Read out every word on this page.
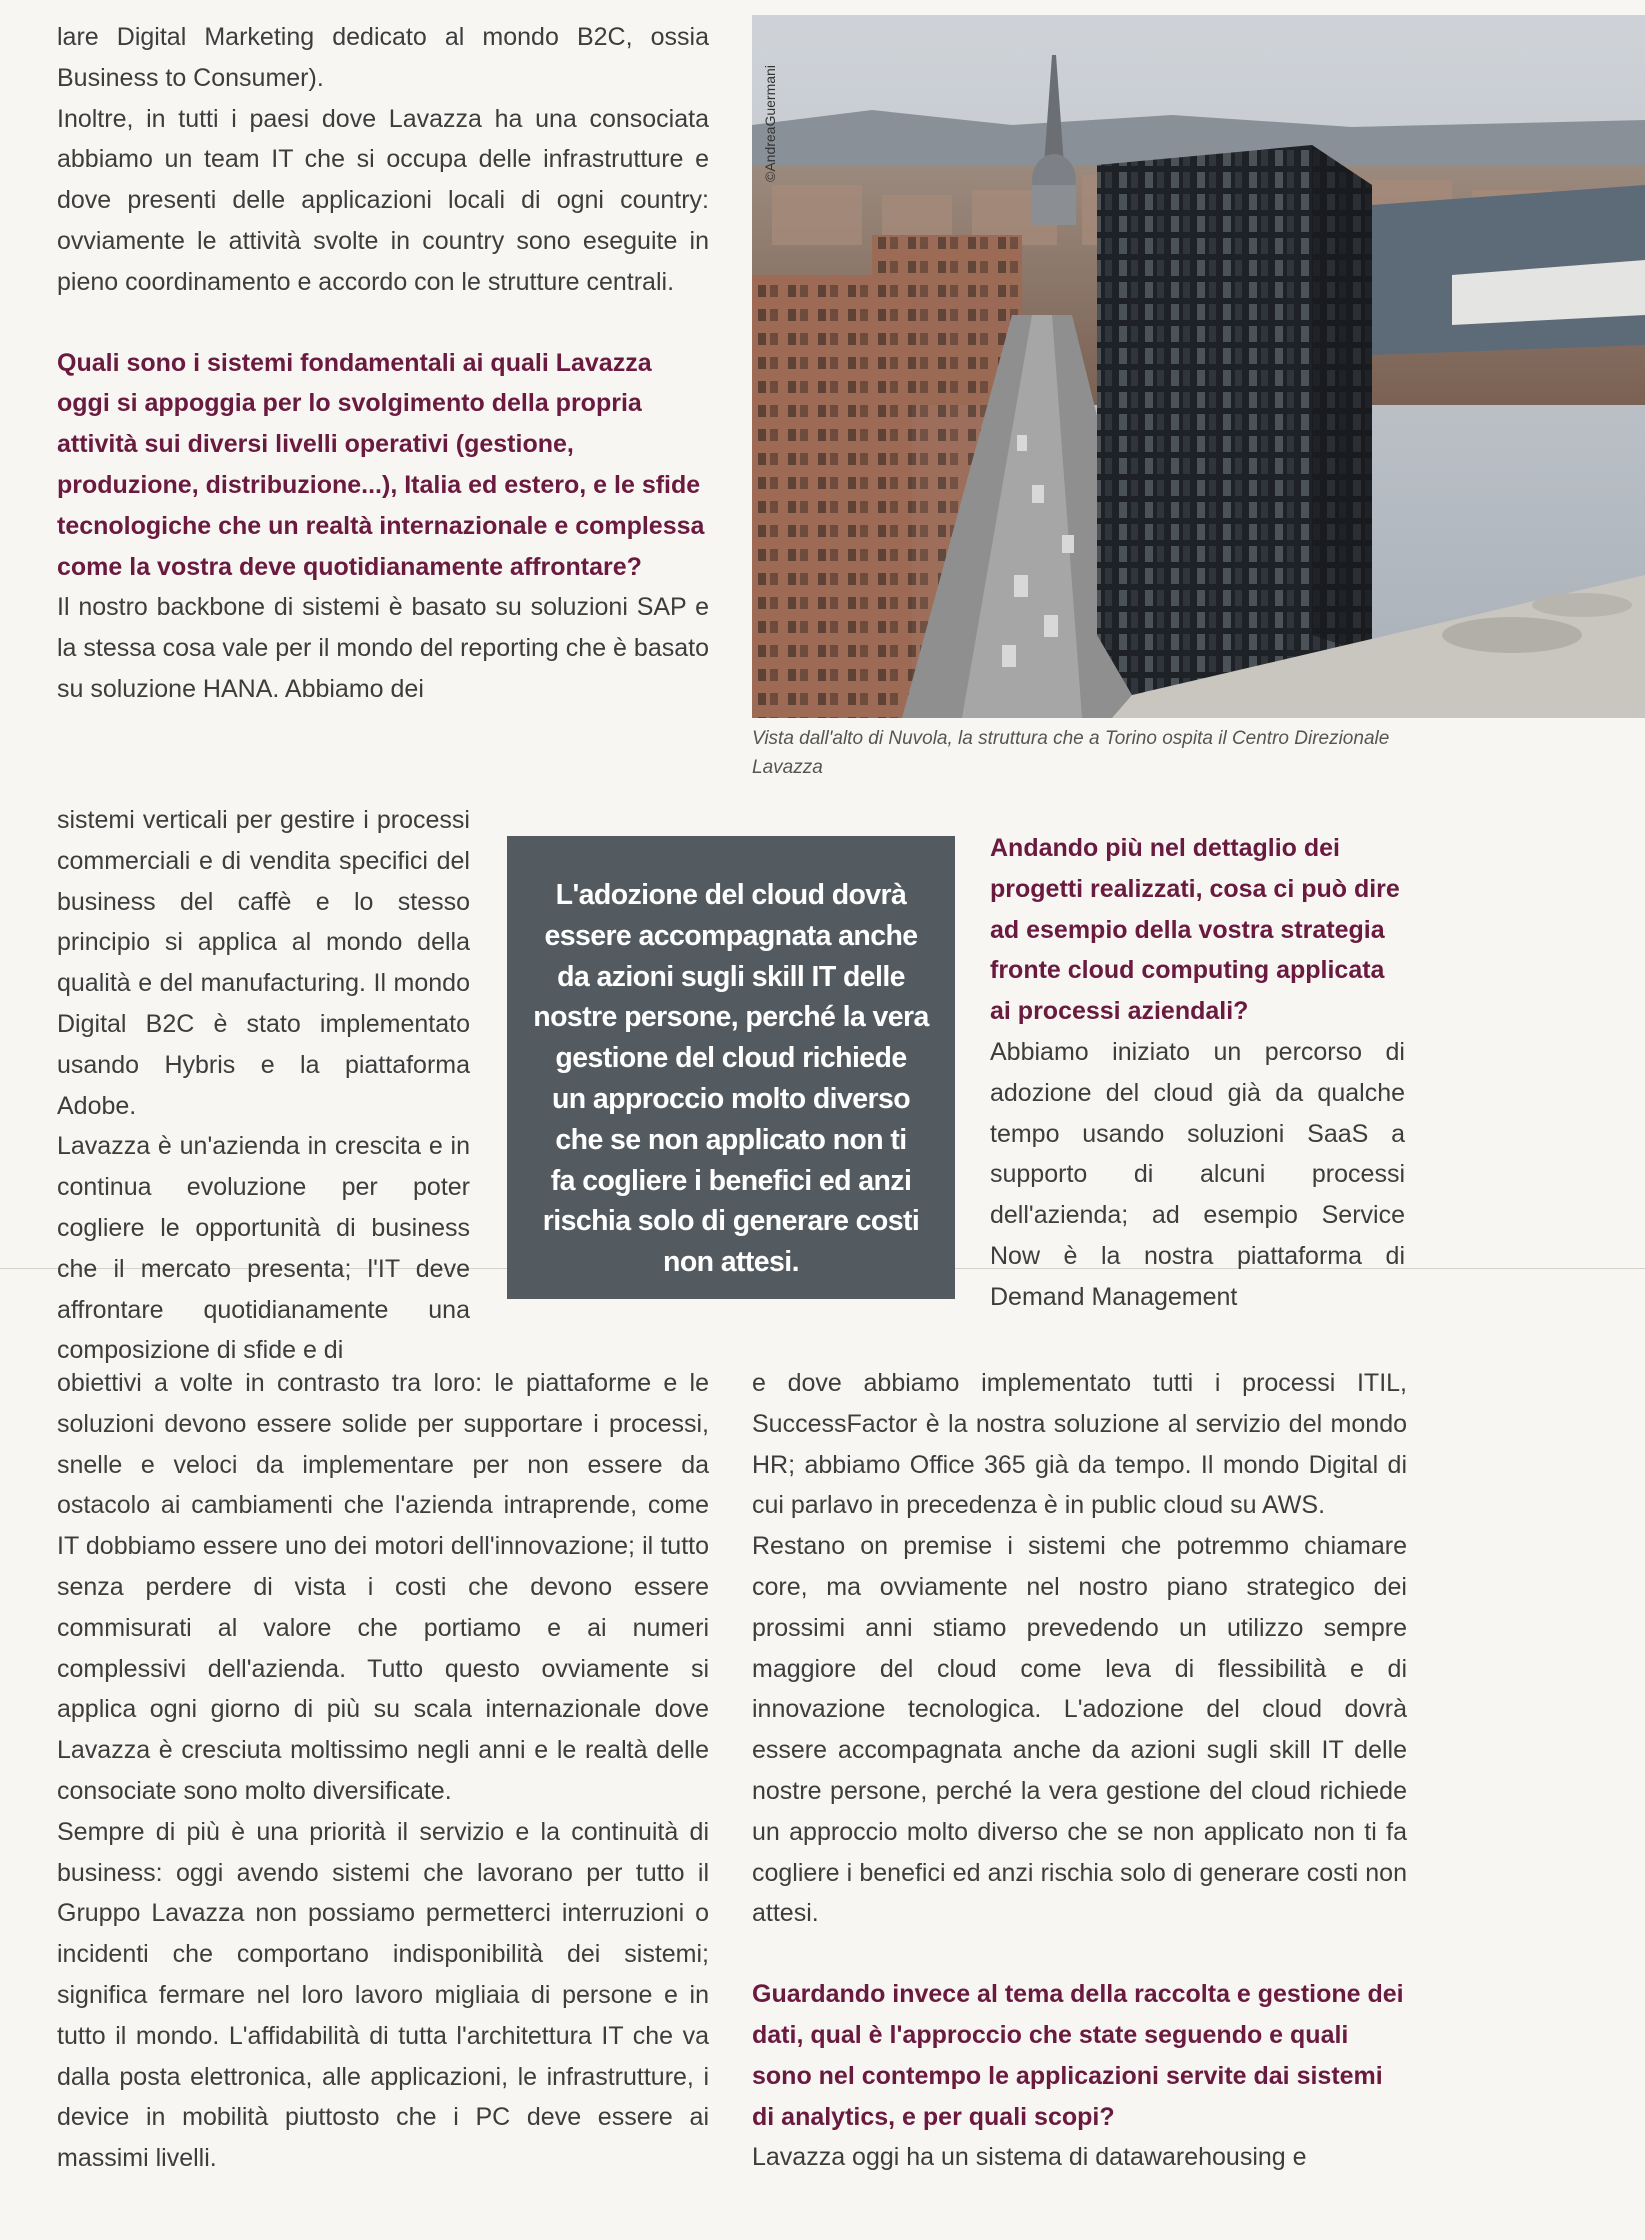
lare Digital Marketing dedicato al mondo B2C, ossia Business to Consumer).

Inoltre, in tutti i paesi dove Lavazza ha una consociata abbiamo un team IT che si occupa delle infrastrutture e dove presenti delle applicazioni locali di ogni country: ovviamente le attività svolte in country sono eseguite in pieno coordinamento e accordo con le strutture centrali.

Quali sono i sistemi fondamentali ai quali Lavazza oggi si appoggia per lo svolgimento della propria attività sui diversi livelli operativi (gestione, produzione, distribuzione...), Italia ed estero, e le sfide tecnologiche che un realtà internazionale e complessa come la vostra deve quotidianamente affrontare?

Il nostro backbone di sistemi è basato su soluzioni SAP e la stessa cosa vale per il mondo del reporting che è basato su soluzione HANA. Abbiamo dei

©AndreaGuermani
Vista dall'alto di Nuvola, la struttura che a Torino ospita il Centro Direzionale Lavazza

sistemi verticali per gestire i processi commerciali e di vendita specifici del business del caffè e lo stesso principio si applica al mondo della qualità e del manufacturing. Il mondo Digital B2C è stato implementato usando Hybris e la piattaforma Adobe.

Lavazza è un'azienda in crescita e in continua evoluzione per poter cogliere le opportunità di business che il mercato presenta; l'IT deve affrontare quotidianamente una composizione di sfide e di

L'adozione del cloud dovrà
essere accompagnata anche
da azioni sugli skill IT delle
nostre persone, perché la vera
gestione del cloud richiede
un approccio molto diverso
che se non applicato non ti
fa cogliere i benefici ed anzi
rischia solo di generare costi
non attesi.

Andando più nel dettaglio dei progetti realizzati, cosa ci può dire ad esempio della vostra strategia fronte cloud computing applicata ai processi aziendali?

Abbiamo iniziato un percorso di adozione del cloud già da qualche tempo usando soluzioni SaaS a supporto di alcuni processi dell'azienda; ad esempio Service Now è la nostra piattaforma di Demand Management

obiettivi a volte in contrasto tra loro: le piattaforme e le soluzioni devono essere solide per supportare i processi, snelle e veloci da implementare per non essere da ostacolo ai cambiamenti che l'azienda intraprende, come IT dobbiamo essere uno dei motori dell'innovazione; il tutto senza perdere di vista i costi che devono essere commisurati al valore che portiamo e ai numeri complessivi dell'azienda. Tutto questo ovviamente si applica ogni giorno di più su scala internazionale dove Lavazza è cresciuta moltissimo negli anni e le realtà delle consociate sono molto diversificate.

Sempre di più è una priorità il servizio e la continuità di business: oggi avendo sistemi che lavorano per tutto il Gruppo Lavazza non possiamo permetterci interruzioni o incidenti che comportano indisponibilità dei sistemi; significa fermare nel loro lavoro migliaia di persone e in tutto il mondo. L'affidabilità di tutta l'architettura IT che va dalla posta elettronica, alle applicazioni, le infrastrutture, i device in mobilità piuttosto che i PC deve essere ai massimi livelli.

e dove abbiamo implementato tutti i processi ITIL, SuccessFactor è la nostra soluzione al servizio del mondo HR; abbiamo Office 365 già da tempo. Il mondo Digital di cui parlavo in precedenza è in public cloud su AWS.

Restano on premise i sistemi che potremmo chiamare core, ma ovviamente nel nostro piano strategico dei prossimi anni stiamo prevedendo un utilizzo sempre maggiore del cloud come leva di flessibilità e di innovazione tecnologica. L'adozione del cloud dovrà essere accompagnata anche da azioni sugli skill IT delle nostre persone, perché la vera gestione del cloud richiede un approccio molto diverso che se non applicato non ti fa cogliere i benefici ed anzi rischia solo di generare costi non attesi.

Guardando invece al tema della raccolta e gestione dei dati, qual è l'approccio che state seguendo e quali sono nel contempo le applicazioni servite dai sistemi di analytics, e per quali scopi?

Lavazza oggi ha un sistema di datawarehousing e
